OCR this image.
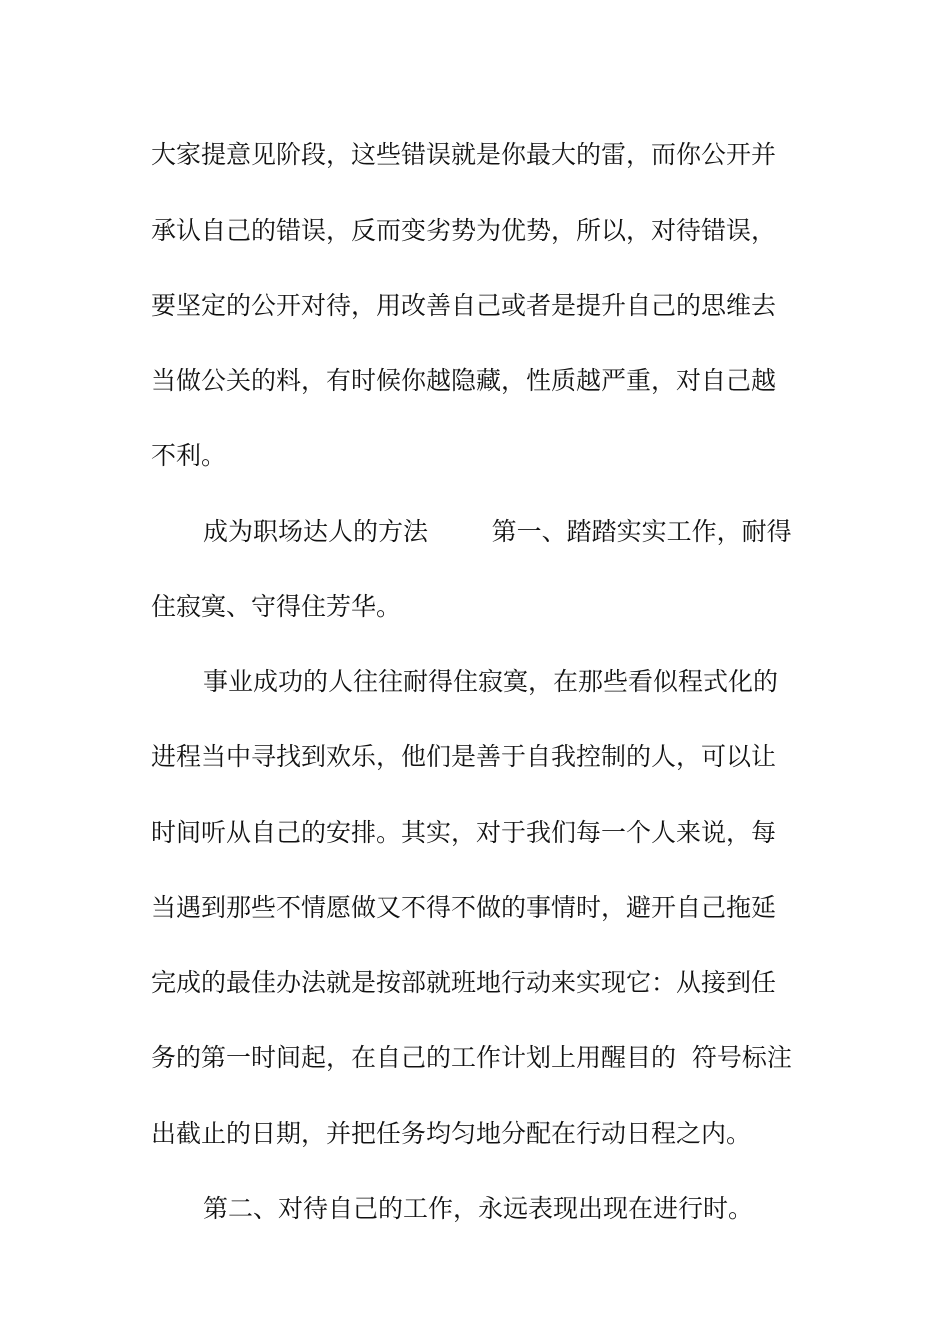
大家提意见阶段，这些错误就是你最大的雷，而你公开并
承认自己的错误，反而变劣势为优势，所以，对待错误，
要坚定的公开对待，用改善自己或者是提升自己的思维去
当做公关的料，有时候你越隐藏，性质越严重，对自己越
不利。
成为职场达人的方法        第一、踏踏实实工作，耐得
住寂寞、守得住芳华。
事业成功的人往往耐得住寂寞，在那些看似程式化的
进程当中寻找到欢乐，他们是善于自我控制的人，可以让
时间听从自己的安排。其实，对于我们每一个人来说，每
当遇到那些不情愿做又不得不做的事情时，避开自己拖延
完成的最佳办法就是按部就班地行动来实现它：从接到任
务的第一时间起，在自己的工作计划上用醒目的  符号标注
出截止的日期，并把任务均匀地分配在行动日程之内。
第二、对待自己的工作，永远表现出现在进行时。
